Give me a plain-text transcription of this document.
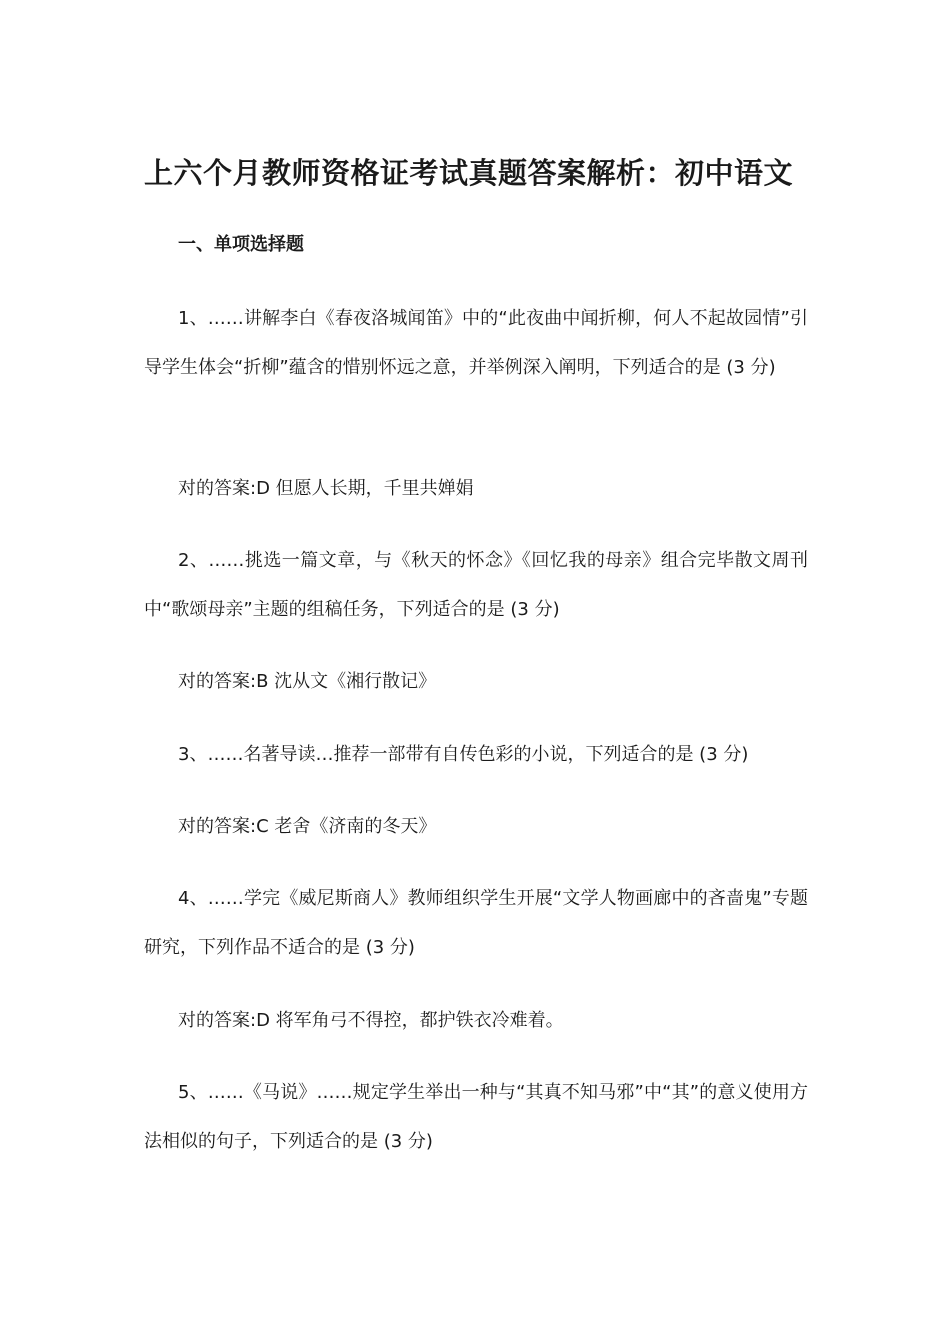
上六个月教师资格证考试真题答案解析：初中语文
一、单项选择题

1、……讲解李白《春夜洛城闻笛》中的“此夜曲中闻折柳，何人不起故园情”引导学生体会“折柳”蕴含的惜别怀远之意，并举例深入阐明，下列适合的是 (3 分)

对的答案:D 但愿人长期，千里共婵娟

2、……挑选一篇文章，与《秋天的怀念》《回忆我的母亲》组合完毕散文周刊中“歌颂母亲”主题的组稿任务，下列适合的是 (3 分)

对的答案:B 沈从文《湘行散记》

3、……名著导读…推荐一部带有自传色彩的小说，下列适合的是 (3 分)

对的答案:C 老舍《济南的冬天》

4、……学完《威尼斯商人》教师组织学生开展“文学人物画廊中的吝啬鬼”专题研究，下列作品不适合的是 (3 分)

对的答案:D 将军角弓不得控，都护铁衣冷难着。

5、……《马说》……规定学生举出一种与“其真不知马邪”中“其”的意义使用方法相似的句子，下列适合的是 (3 分)
